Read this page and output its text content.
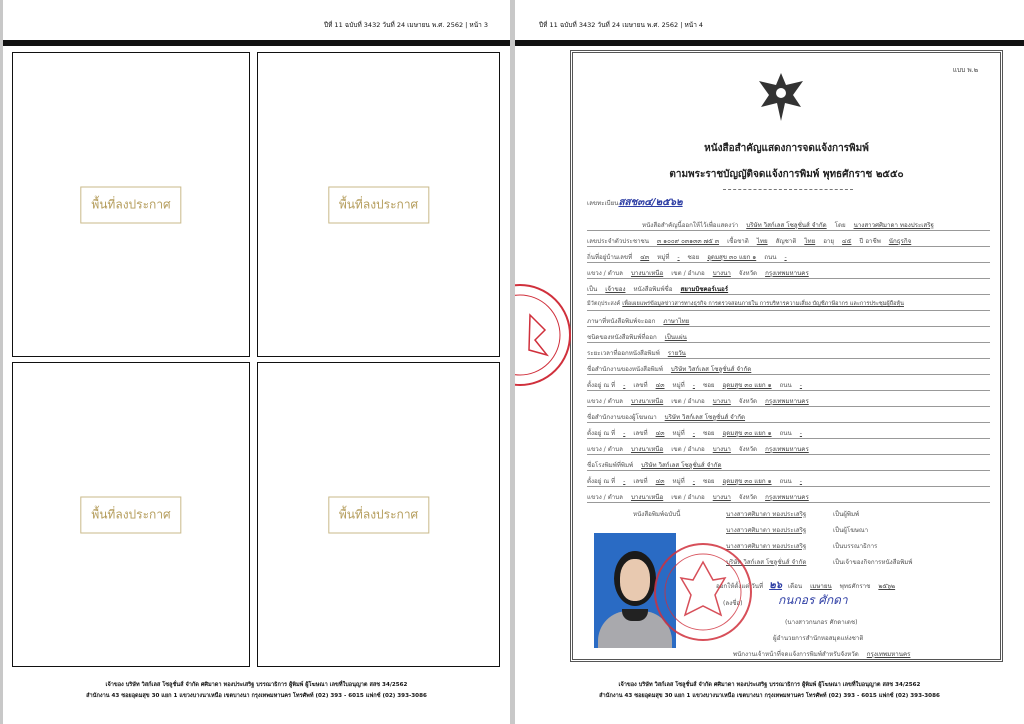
ปีที่ 11 ฉบับที่ 3432 วันที่ 24 เมษายน พ.ศ. 2562 | หน้า 3
พื้นที่ลงประกาศ	พื้นที่ลงประกาศ
พื้นที่ลงประกาศ	พื้นที่ลงประกาศ
เจ้าของ บริษัท วิสก์เลส โซลูชั่นส์ จำกัด ศศิมาดา ทองประเสริฐ บรรณาธิการ ผู้พิมพ์ ผู้โฆษณา เลขที่ใบอนุญาต สสช 34/2562
สำนักงาน 43 ซอยอุดมสุข 30 แยก 1 แขวงบางนาเหนือ เขตบางนา กรุงเทพมหานคร โทรศัพท์ (02) 393 - 6015 แฟกซ์ (02) 393-3086
ปีที่ 11 ฉบับที่ 3432 วันที่ 24 เมษายน พ.ศ. 2562 | หน้า 4
แบบ พ.๒
หนังสือสำคัญแสดงการจดแจ้งการพิมพ์
ตามพระราชบัญญัติจดแจ้งการพิมพ์ พุทธศักราช ๒๕๕๐
เลขทะเบียนสสช๓๔/๒๕๖๒
หนังสือสำคัญนี้ออกให้ไว้เพื่อแสดงว่า บริษัท วิสก์เลส โซลูชั่นส์ จำกัด โดย นางสาวศศิมาดา ทองประเสริฐ
เลขประจำตัวประชาชน ๓ ๑๐๐๙ ๐๓๑๓๓ ๗๕ ๓ เชื้อชาติ ไทย สัญชาติ ไทย อายุ ๔๕ ปี อาชีพ นักธุรกิจ
ถิ่นที่อยู่บ้านเลขที่ ๔๓ หมู่ที่ - ซอย อุดมสุข ๓๐ แยก ๑ ถนน -
แขวง / ตำบล บางนาเหนือ เขต / อำเภอ บางนา จังหวัด กรุงเทพมหานคร
เป็น เจ้าของ หนังสือพิมพ์ชื่อ สยามบิซคอร์เนอร์
มีวัตถุประสงค์ เพื่อเผยแพร่ข้อมูลข่าวสารทางธุรกิจ การตรวจสอบภายใน การบริหารความเสี่ยง บัญชีภาษีอากร และการประชุมผู้ถือหุ้น
ภาษาที่หนังสือพิมพ์จะออก ภาษาไทย
ชนิดของหนังสือพิมพ์ที่ออก เป็นแผ่น
ระยะเวลาที่ออกหนังสือพิมพ์ รายวัน
ชื่อสำนักงานของหนังสือพิมพ์ บริษัท วิสก์เลส โซลูชั่นส์ จำกัด
ตั้งอยู่ ณ ที่ - เลขที่ ๔๓ หมู่ที่ - ซอย อุดมสุข ๓๐ แยก ๑ ถนน -
แขวง / ตำบล บางนาเหนือ เขต / อำเภอ บางนา จังหวัด กรุงเทพมหานคร
ชื่อสำนักงานของผู้โฆษณา บริษัท วิสก์เลส โซลูชั่นส์ จำกัด
ตั้งอยู่ ณ ที่ - เลขที่ ๔๓ หมู่ที่ - ซอย อุดมสุข ๓๐ แยก ๑ ถนน -
แขวง / ตำบล บางนาเหนือ เขต / อำเภอ บางนา จังหวัด กรุงเทพมหานคร
ชื่อโรงพิมพ์ที่พิมพ์ บริษัท วิสก์เลส โซลูชั่นส์ จำกัด
ตั้งอยู่ ณ ที่ - เลขที่ ๔๓ หมู่ที่ - ซอย อุดมสุข ๓๐ แยก ๑ ถนน -
แขวง / ตำบล บางนาเหนือ เขต / อำเภอ บางนา จังหวัด กรุงเทพมหานคร
หนังสือพิมพ์ฉบับนี้	นางสาวศศิมาดา ทองประเสริฐ	เป็นผู้พิมพ์
นางสาวศศิมาดา ทองประเสริฐ	เป็นผู้โฆษณา
นางสาวศศิมาดา ทองประเสริฐ	เป็นบรรณาธิการ
บริษัท วิสก์เลส โซลูชั่นส์ จำกัด	เป็นเจ้าของกิจการหนังสือพิมพ์
ออกให้ตั้งแต่ วันที่ ๒๖ เดือน เมษายน พุทธศักราช ๒๕๖๒
(ลงชื่อ)	กนกอร ศักดา
(นางสาวกนกอร ศักดาเดช)
ผู้อำนวยการสำนักหอสมุดแห่งชาติ
พนักงานเจ้าหน้าที่จดแจ้งการพิมพ์สำหรับจังหวัด กรุงเทพมหานคร
เจ้าของ บริษัท วิสก์เลส โซลูชั่นส์ จำกัด ศศิมาดา ทองประเสริฐ บรรณาธิการ ผู้พิมพ์ ผู้โฆษณา เลขที่ใบอนุญาต สสช 34/2562
สำนักงาน 43 ซอยอุดมสุข 30 แยก 1 แขวงบางนาเหนือ เขตบางนา กรุงเทพมหานคร โทรศัพท์ (02) 393 - 6015 แฟกซ์ (02) 393-3086
